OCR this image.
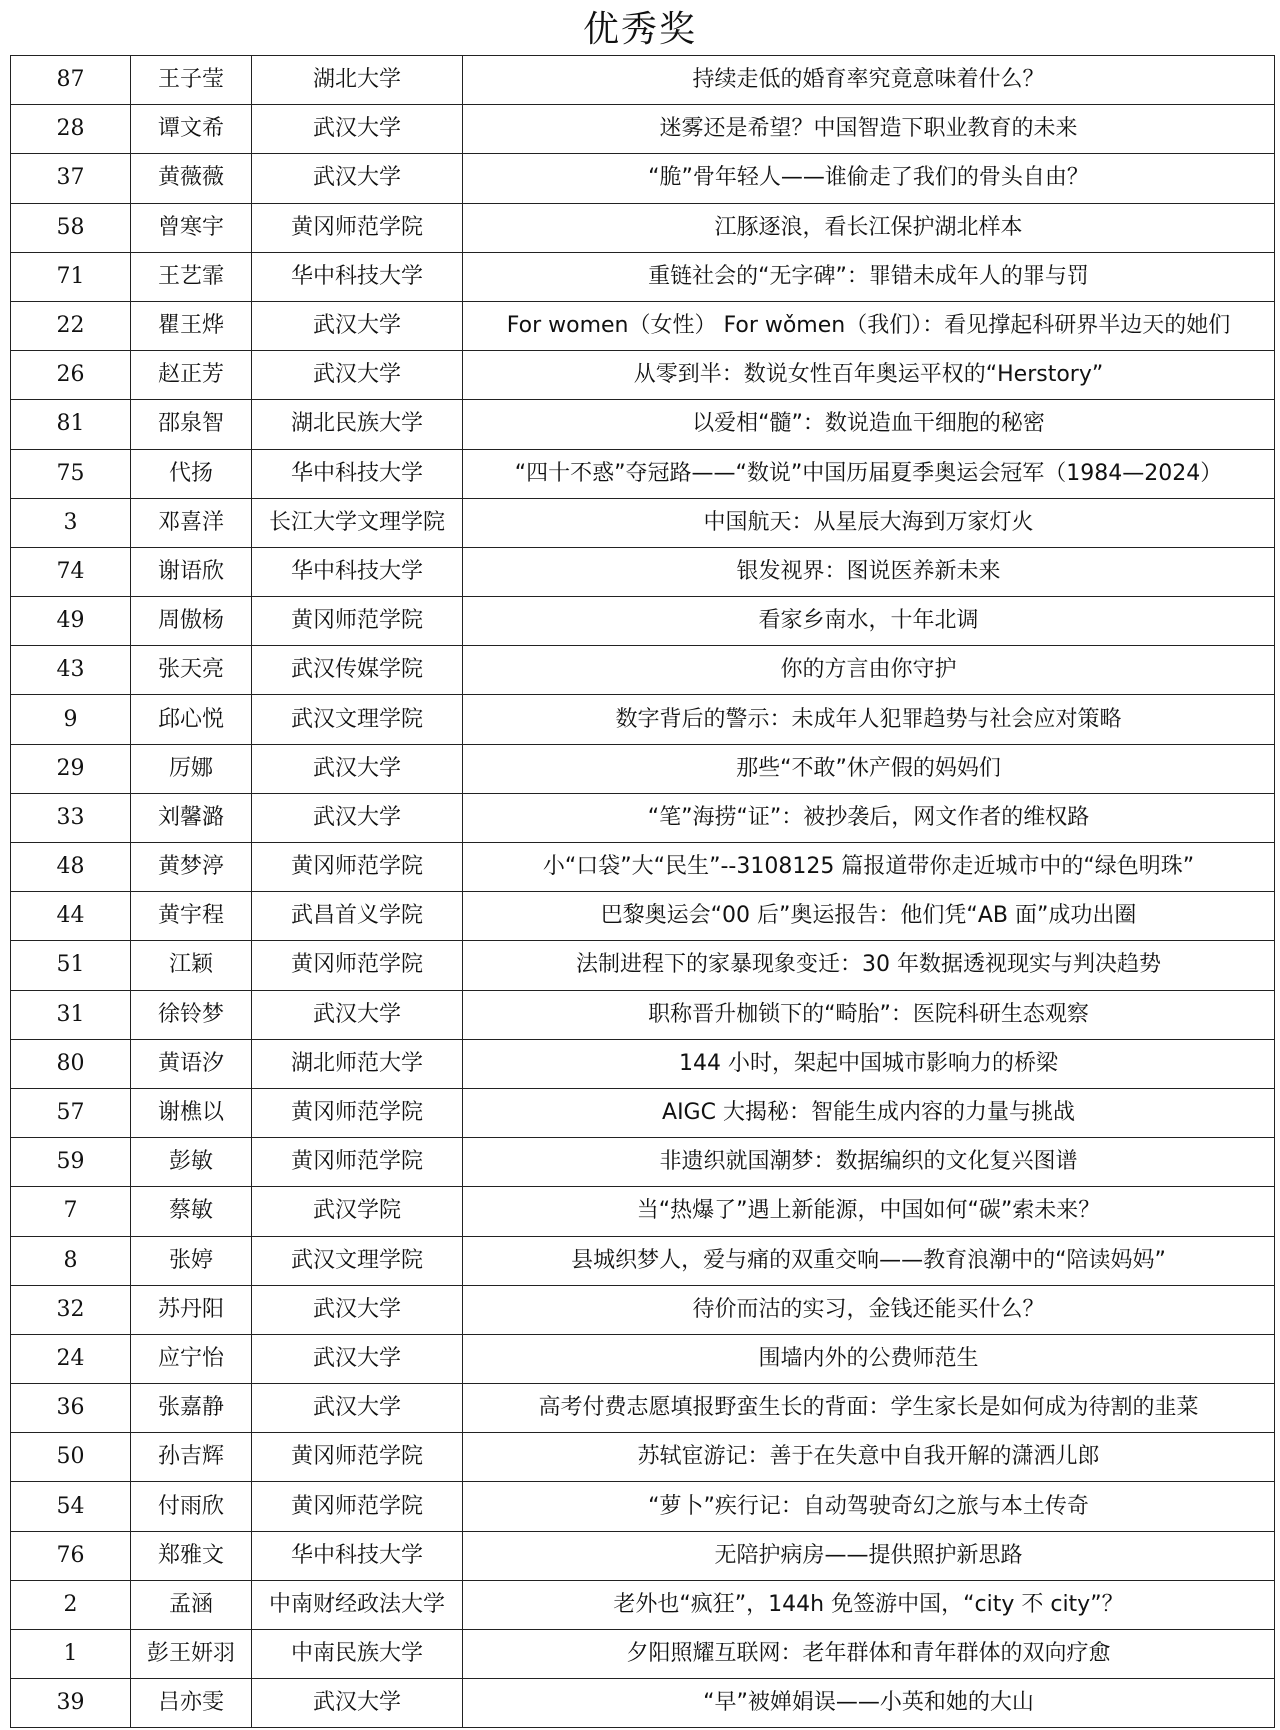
优秀奖
87	王子莹	湖北大学	持续走低的婚育率究竟意味着什么？
28	谭文希	武汉大学	迷雾还是希望？中国智造下职业教育的未来
37	黄薇薇	武汉大学	“脆”骨年轻人——谁偷走了我们的骨头自由？
58	曾寒宇	黄冈师范学院	江豚逐浪，看长江保护湖北样本
71	王艺霏	华中科技大学	重链社会的“无字碑”：罪错未成年人的罪与罚
22	瞿王烨	武汉大学	For women（女性） For wǒmen（我们）：看见撑起科研界半边天的她们
26	赵正芳	武汉大学	从零到半：数说女性百年奥运平权的“Herstory”
81	邵泉智	湖北民族大学	以爱相“髓”：数说造血干细胞的秘密
75	代扬	华中科技大学	“四十不惑”夺冠路——“数说”中国历届夏季奥运会冠军（1984—2024）
3	邓喜洋	长江大学文理学院	中国航天：从星辰大海到万家灯火
74	谢语欣	华中科技大学	银发视界：图说医养新未来
49	周傲杨	黄冈师范学院	看家乡南水，十年北调
43	张天亮	武汉传媒学院	你的方言由你守护
9	邱心悦	武汉文理学院	数字背后的警示：未成年人犯罪趋势与社会应对策略
29	厉娜	武汉大学	那些“不敢”休产假的妈妈们
33	刘馨潞	武汉大学	“笔”海捞“证”：被抄袭后，网文作者的维权路
48	黄梦渟	黄冈师范学院	小“口袋”大“民生”--3108125 篇报道带你走近城市中的“绿色明珠”
44	黄宇程	武昌首义学院	巴黎奥运会“00 后”奥运报告：他们凭“AB 面”成功出圈
51	江颖	黄冈师范学院	法制进程下的家暴现象变迁：30 年数据透视现实与判决趋势
31	徐铃梦	武汉大学	职称晋升枷锁下的“畸胎”：医院科研生态观察
80	黄语汐	湖北师范大学	144 小时，架起中国城市影响力的桥梁
57	谢樵以	黄冈师范学院	AIGC 大揭秘：智能生成内容的力量与挑战
59	彭敏	黄冈师范学院	非遗织就国潮梦：数据编织的文化复兴图谱
7	蔡敏	武汉学院	当“热爆了”遇上新能源，中国如何“碳”索未来？
8	张婷	武汉文理学院	县城织梦人，爱与痛的双重交响——教育浪潮中的“陪读妈妈”
32	苏丹阳	武汉大学	待价而沽的实习，金钱还能买什么？
24	应宁怡	武汉大学	围墙内外的公费师范生
36	张嘉静	武汉大学	高考付费志愿填报野蛮生长的背面：学生家长是如何成为待割的韭菜
50	孙吉辉	黄冈师范学院	苏轼宦游记：善于在失意中自我开解的潇洒儿郎
54	付雨欣	黄冈师范学院	“萝卜”疾行记：自动驾驶奇幻之旅与本土传奇
76	郑雅文	华中科技大学	无陪护病房——提供照护新思路
2	孟涵	中南财经政法大学	老外也“疯狂”，144h 免签游中国，“city 不 city”？
1	彭王妍羽	中南民族大学	夕阳照耀互联网：老年群体和青年群体的双向疗愈
39	吕亦雯	武汉大学	“早”被婵娟误——小英和她的大山
